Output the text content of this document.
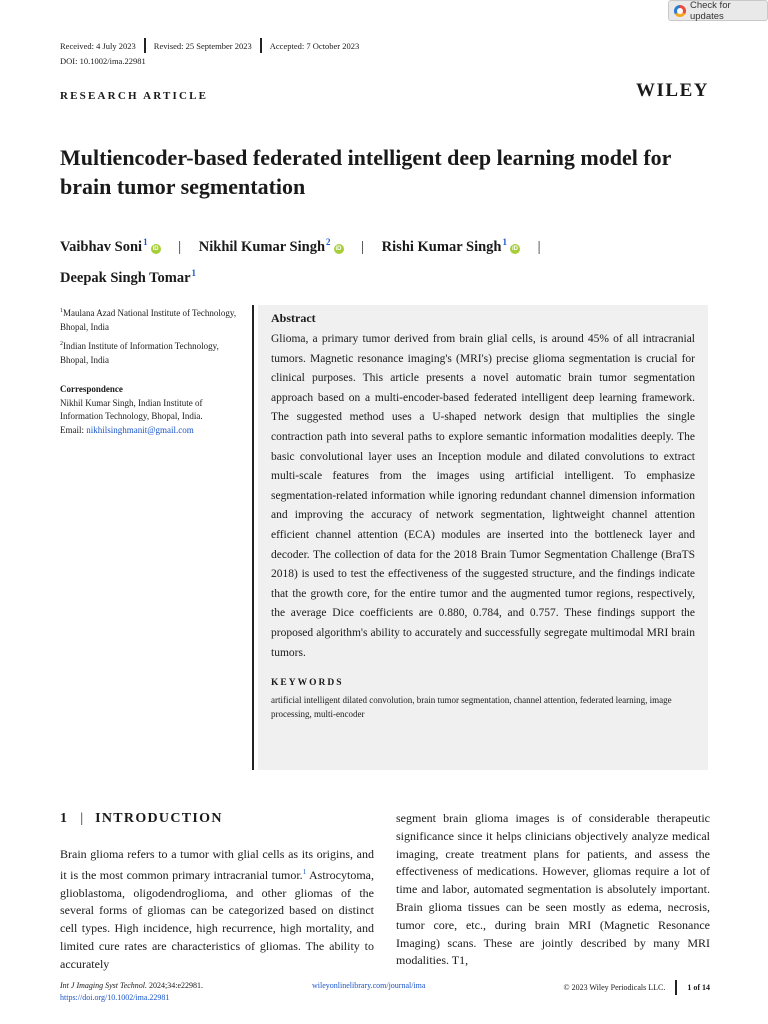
Check for updates
Received: 4 July 2023 Revised: 25 September 2023 Accepted: 7 October 2023
DOI: 10.1002/ima.22981
RESEARCH ARTICLE	WILEY
Multiencoder-based federated intelligent deep learning model for brain tumor segmentation
Vaibhav Soni$^1$iD | Nikhil Kumar Singh$^2$iD | Rishi Kumar Singh$^1$iD |
Deepak Singh Tomar$^1$
$^1$Maulana Azad National Institute of Technology, Bhopal, India
$^2$Indian Institute of Information Technology, Bhopal, India
Correspondence
Nikhil Kumar Singh, Indian Institute of Information Technology, Bhopal, India.
Email: nikhilsinghmanit@gmail.com
Abstract
Glioma, a primary tumor derived from brain glial cells, is around 45% of all intracranial tumors. Magnetic resonance imaging's (MRI's) precise glioma segmentation is crucial for clinical purposes. This article presents a novel automatic brain tumor segmentation approach based on a multi-encoder-based federated intelligent deep learning framework. The suggested method uses a U-shaped network design that multiplies the single contraction path into several paths to explore semantic information modalities deeply. The basic convolutional layer uses an Inception module and dilated convolutions to extract multi-scale features from the images using artificial intelligent. To emphasize segmentation-related information while ignoring redundant channel dimension information and improving the accuracy of network segmentation, lightweight channel attention efficient channel attention (ECA) modules are inserted into the bottleneck layer and decoder. The collection of data for the 2018 Brain Tumor Segmentation Challenge (BraTS 2018) is used to test the effectiveness of the suggested structure, and the findings indicate that the growth core, for the entire tumor and the augmented tumor regions, respectively, the average Dice coefficients are 0.880, 0.784, and 0.757. These findings support the proposed algorithm's ability to accurately and successfully segregate multimodal MRI brain tumors.
KEYWORDS
artificial intelligent dilated convolution, brain tumor segmentation, channel attention, federated learning, image processing, multi-encoder
1 | INTRODUCTION
Brain glioma refers to a tumor with glial cells as its origins, and it is the most common primary intracranial tumor.$^1$ Astrocytoma, glioblastoma, oligodendroglioma, and other gliomas of the several forms of gliomas can be categorized based on distinct cell types. High incidence, high recurrence, high mortality, and limited cure rates are characteristics of gliomas. The ability to accurately
segment brain glioma images is of considerable therapeutic significance since it helps clinicians objectively analyze medical imaging, create treatment plans for patients, and assess the effectiveness of medications. However, gliomas require a lot of time and labor, automated segmentation is absolutely important. Brain glioma tissues can be seen mostly as edema, necrosis, tumor core, etc., during brain MRI (Magnetic Resonance Imaging) scans. These are jointly described by many MRI modalities. T1,
Int J Imaging Syst Technol. 2024;34:e22981.
https://doi.org/10.1002/ima.22981
wileyonlinelibrary.com/journal/ima	© 2023 Wiley Periodicals LLC.	1 of 14
